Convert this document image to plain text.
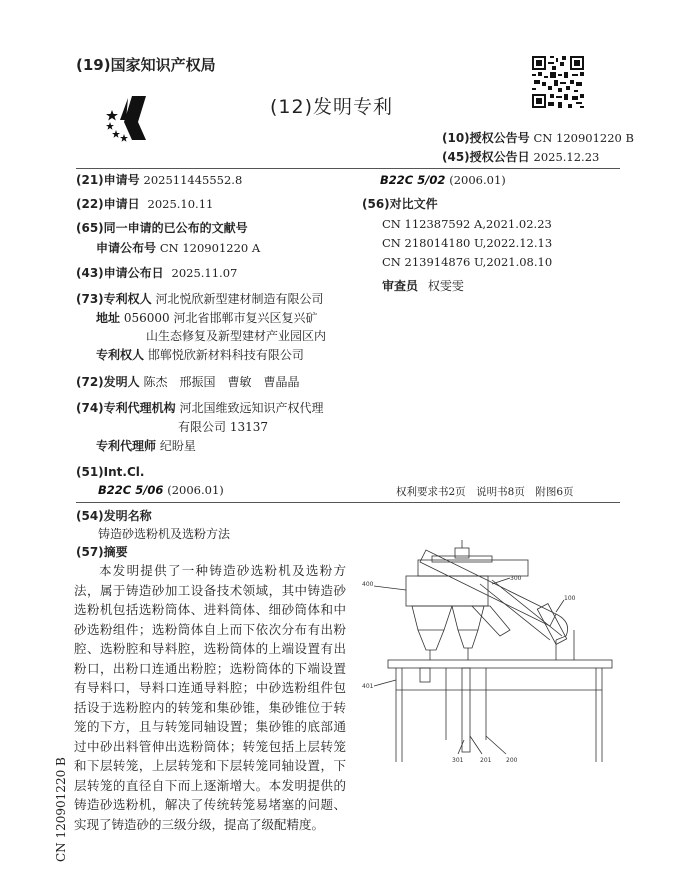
(19)国家知识产权局
(12)发明专利
(10)授权公告号 CN 120901220 B
(45)授权公告日 2025.12.23
(21)申请号 202511445552.8
(22)申请日 2025.10.11
(65)同一申请的已公布的文献号
申请公布号 CN 120901220 A
(43)申请公布日 2025.11.07
(73)专利权人 河北悦欣新型建材制造有限公司
地址 056000 河北省邯郸市复兴区复兴矿
山生态修复及新型建材产业园区内
专利权人 邯郸悦欣新材料科技有限公司
(72)发明人 陈杰　邢振国　曹敏　曹晶晶
(74)专利代理机构 河北国维致远知识产权代理
有限公司 13137
专利代理师 纪盼星
(51)Int.Cl.
B22C 5/06 (2006.01)
B22C 5/02 (2006.01)
(56)对比文件
CN 112387592 A,2021.02.23
CN 218014180 U,2022.12.13
CN 213914876 U,2021.08.10
审查员 权雯雯
权利要求书2页　说明书8页　附图6页
(54)发明名称
铸造砂选粉机及选粉方法
(57)摘要

本发明提供了一种铸造砂选粉机及选粉方法，属于铸造砂加工设备技术领域，其中铸造砂选粉机包括选粉筒体、进料筒体、细砂筒体和中砂选粉组件；选粉筒体自上而下依次分布有出粉腔、选粉腔和导料腔，选粉筒体的上端设置有出粉口，出粉口连通出粉腔；选粉筒体的下端设置有导料口，导料口连通导料腔；中砂选粉组件包括设于选粉腔内的转笼和集砂锥，集砂锥位于转笼的下方，且与转笼同轴设置；集砂锥的底部通过中砂出料管伸出选粉筒体；转笼包括上层转笼和下层转笼，上层转笼和下层转笼同轴设置，下层转笼的直径自下而上逐渐增大。本发明提供的铸造砂选粉机，解决了传统转笼易堵塞的问题、实现了铸造砂的三级分级，提高了级配精度。

CN 120901220 B
400
300
100
401
301	201 200
